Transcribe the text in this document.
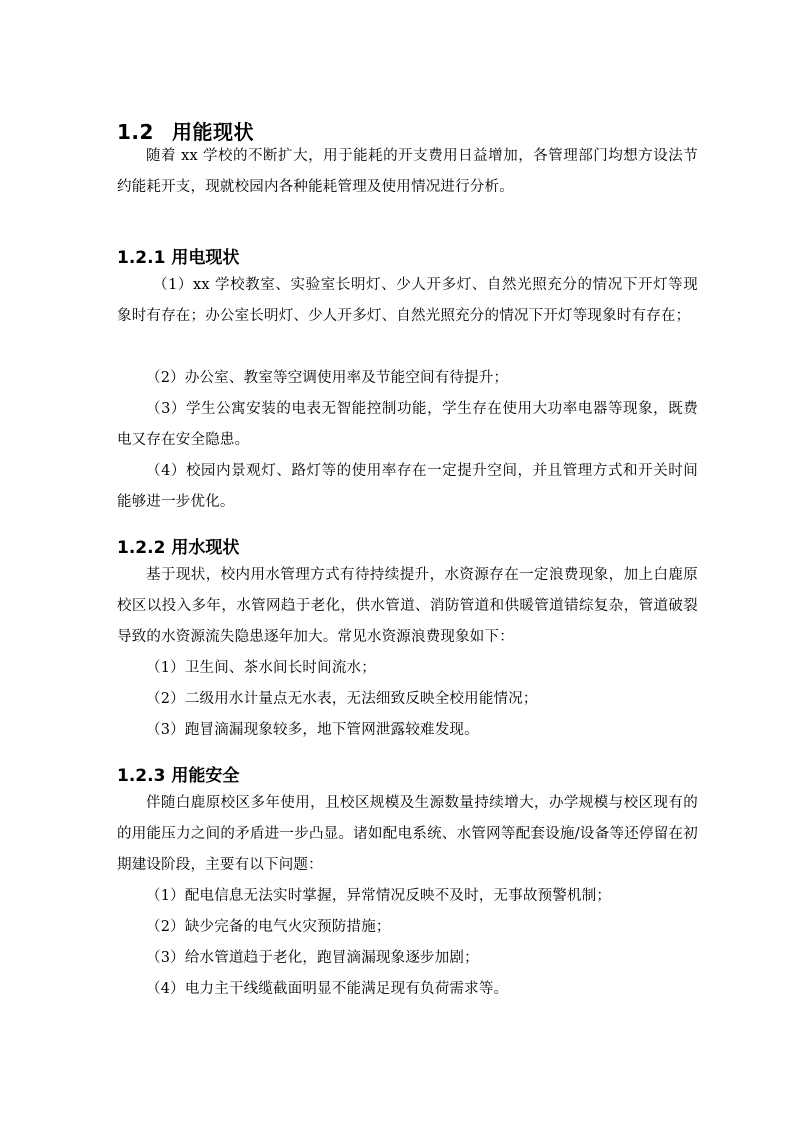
1.2 用能现状

随着 xx 学校的不断扩大，用于能耗的开支费用日益增加，各管理部门均想方设法节约能耗开支，现就校园内各种能耗管理及使用情况进行分析。

1.2.1 用电现状

（1）xx 学校教室、实验室长明灯、少人开多灯、自然光照充分的情况下开灯等现象时有存在；办公室长明灯、少人开多灯、自然光照充分的情况下开灯等现象时有存在；

（2）办公室、教室等空调使用率及节能空间有待提升；

（3）学生公寓安装的电表无智能控制功能，学生存在使用大功率电器等现象，既费电又存在安全隐患。

（4）校园内景观灯、路灯等的使用率存在一定提升空间，并且管理方式和开关时间能够进一步优化。

1.2.2 用水现状

基于现状，校内用水管理方式有待持续提升，水资源存在一定浪费现象，加上白鹿原校区以投入多年，水管网趋于老化，供水管道、消防管道和供暖管道错综复杂，管道破裂导致的水资源流失隐患逐年加大。常见水资源浪费现象如下：

（1）卫生间、茶水间长时间流水；

（2）二级用水计量点无水表，无法细致反映全校用能情况；

（3）跑冒滴漏现象较多，地下管网泄露较难发现。

1.2.3 用能安全

伴随白鹿原校区多年使用，且校区规模及生源数量持续增大，办学规模与校区现有的的用能压力之间的矛盾进一步凸显。诸如配电系统、水管网等配套设施/设备等还停留在初期建设阶段，主要有以下问题：

（1）配电信息无法实时掌握，异常情况反映不及时，无事故预警机制；

（2）缺少完备的电气火灾预防措施；

（3）给水管道趋于老化，跑冒滴漏现象逐步加剧；

（4）电力主干线缆截面明显不能满足现有负荷需求等。
